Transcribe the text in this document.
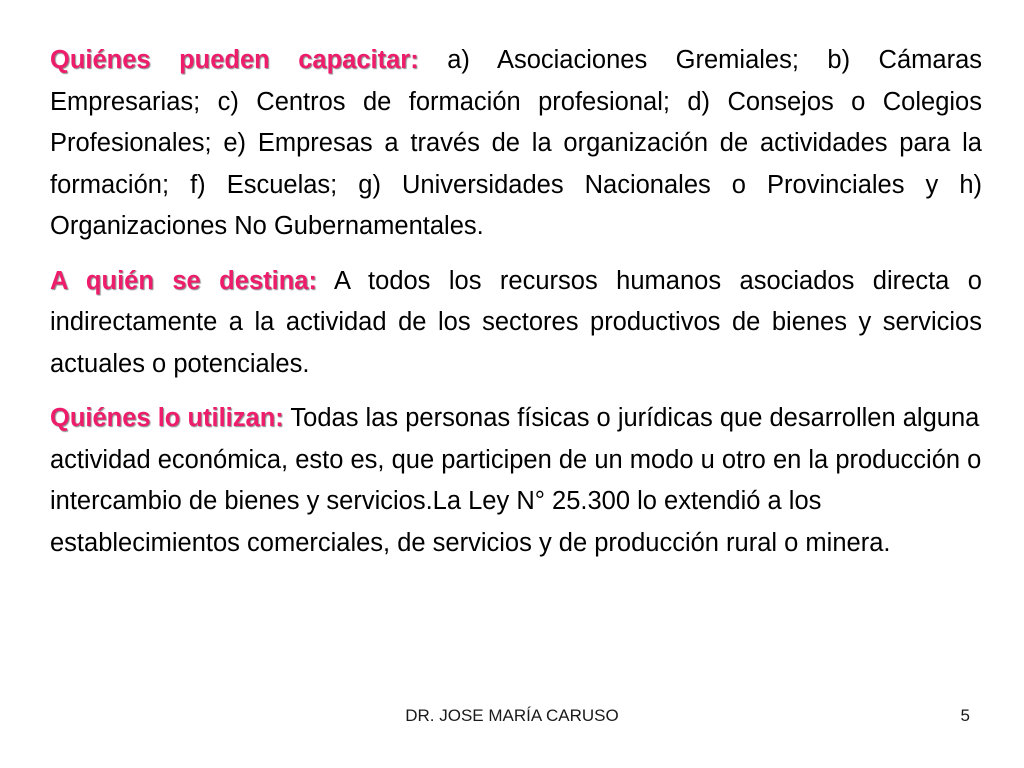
Quiénes pueden capacitar: a) Asociaciones Gremiales; b) Cámaras Empresarias; c) Centros de formación profesional; d) Consejos o Colegios Profesionales; e) Empresas a través de la organización de actividades para la formación; f) Escuelas; g) Universidades Nacionales o Provinciales y h) Organizaciones No Gubernamentales.

A quién se destina: A todos los recursos humanos asociados directa o indirectamente a la actividad de los sectores productivos de bienes y servicios actuales o potenciales.

Quiénes lo utilizan: Todas las personas físicas o jurídicas que desarrollen alguna actividad económica, esto es, que participen de un modo u otro en la producción o intercambio de bienes y servicios.La Ley N° 25.300 lo extendió a los establecimientos comerciales, de servicios y de producción rural o minera.

DR. JOSE MARÍA CARUSO	5
